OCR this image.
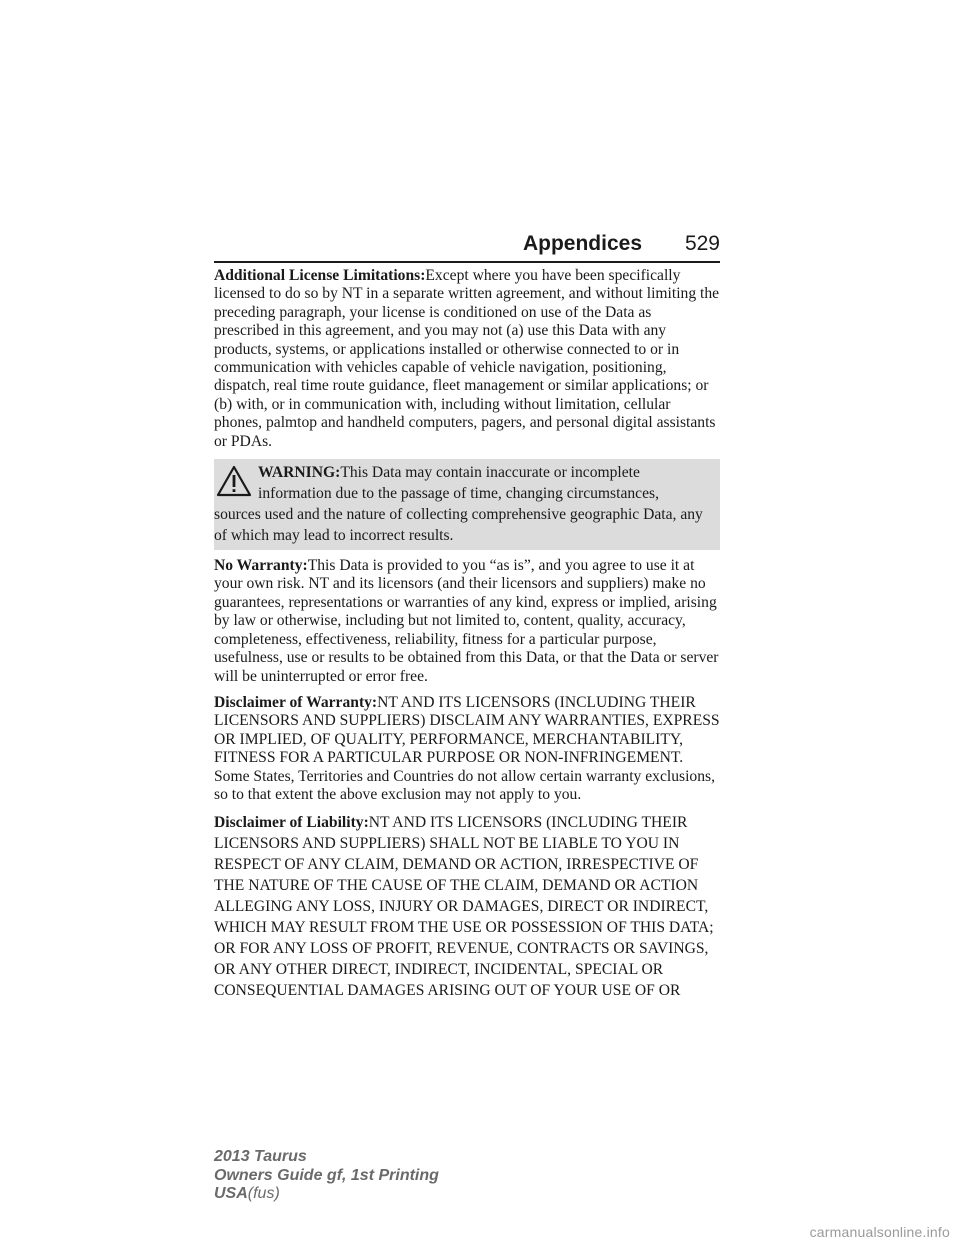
Appendices 529

Additional License Limitations:Except where you have been specifically licensed to do so by NT in a separate written agreement, and without limiting the preceding paragraph, your license is conditioned on use of the Data as prescribed in this agreement, and you may not (a) use this Data with any products, systems, or applications installed or otherwise connected to or in communication with vehicles capable of vehicle navigation, positioning, dispatch, real time route guidance, fleet management or similar applications; or (b) with, or in communication with, including without limitation, cellular phones, palmtop and handheld computers, pagers, and personal digital assistants or PDAs.

WARNING:This Data may contain inaccurate or incomplete information due to the passage of time, changing circumstances,
sources used and the nature of collecting comprehensive geographic Data, any of which may lead to incorrect results.

No Warranty:This Data is provided to you “as is”, and you agree to use it at your own risk. NT and its licensors (and their licensors and suppliers) make no guarantees, representations or warranties of any kind, express or implied, arising by law or otherwise, including but not limited to, content, quality, accuracy, completeness, effectiveness, reliability, fitness for a particular purpose, usefulness, use or results to be obtained from this Data, or that the Data or server will be uninterrupted or error free.

Disclaimer of Warranty:NT AND ITS LICENSORS (INCLUDING THEIR LICENSORS AND SUPPLIERS) DISCLAIM ANY WARRANTIES, EXPRESS OR IMPLIED, OF QUALITY, PERFORMANCE, MERCHANTABILITY, FITNESS FOR A PARTICULAR PURPOSE OR NON-INFRINGEMENT. Some States, Territories and Countries do not allow certain warranty exclusions, so to that extent the above exclusion may not apply to you.

Disclaimer of Liability:NT AND ITS LICENSORS (INCLUDING THEIR LICENSORS AND SUPPLIERS) SHALL NOT BE LIABLE TO YOU IN RESPECT OF ANY CLAIM, DEMAND OR ACTION, IRRESPECTIVE OF THE NATURE OF THE CAUSE OF THE CLAIM, DEMAND OR ACTION ALLEGING ANY LOSS, INJURY OR DAMAGES, DIRECT OR INDIRECT, WHICH MAY RESULT FROM THE USE OR POSSESSION OF THIS DATA; OR FOR ANY LOSS OF PROFIT, REVENUE, CONTRACTS OR SAVINGS, OR ANY OTHER DIRECT, INDIRECT, INCIDENTAL, SPECIAL OR CONSEQUENTIAL DAMAGES ARISING OUT OF YOUR USE OF OR

2013 Taurus
Owners Guide gf, 1st Printing
USA(fus)
carmanualsonline.info
